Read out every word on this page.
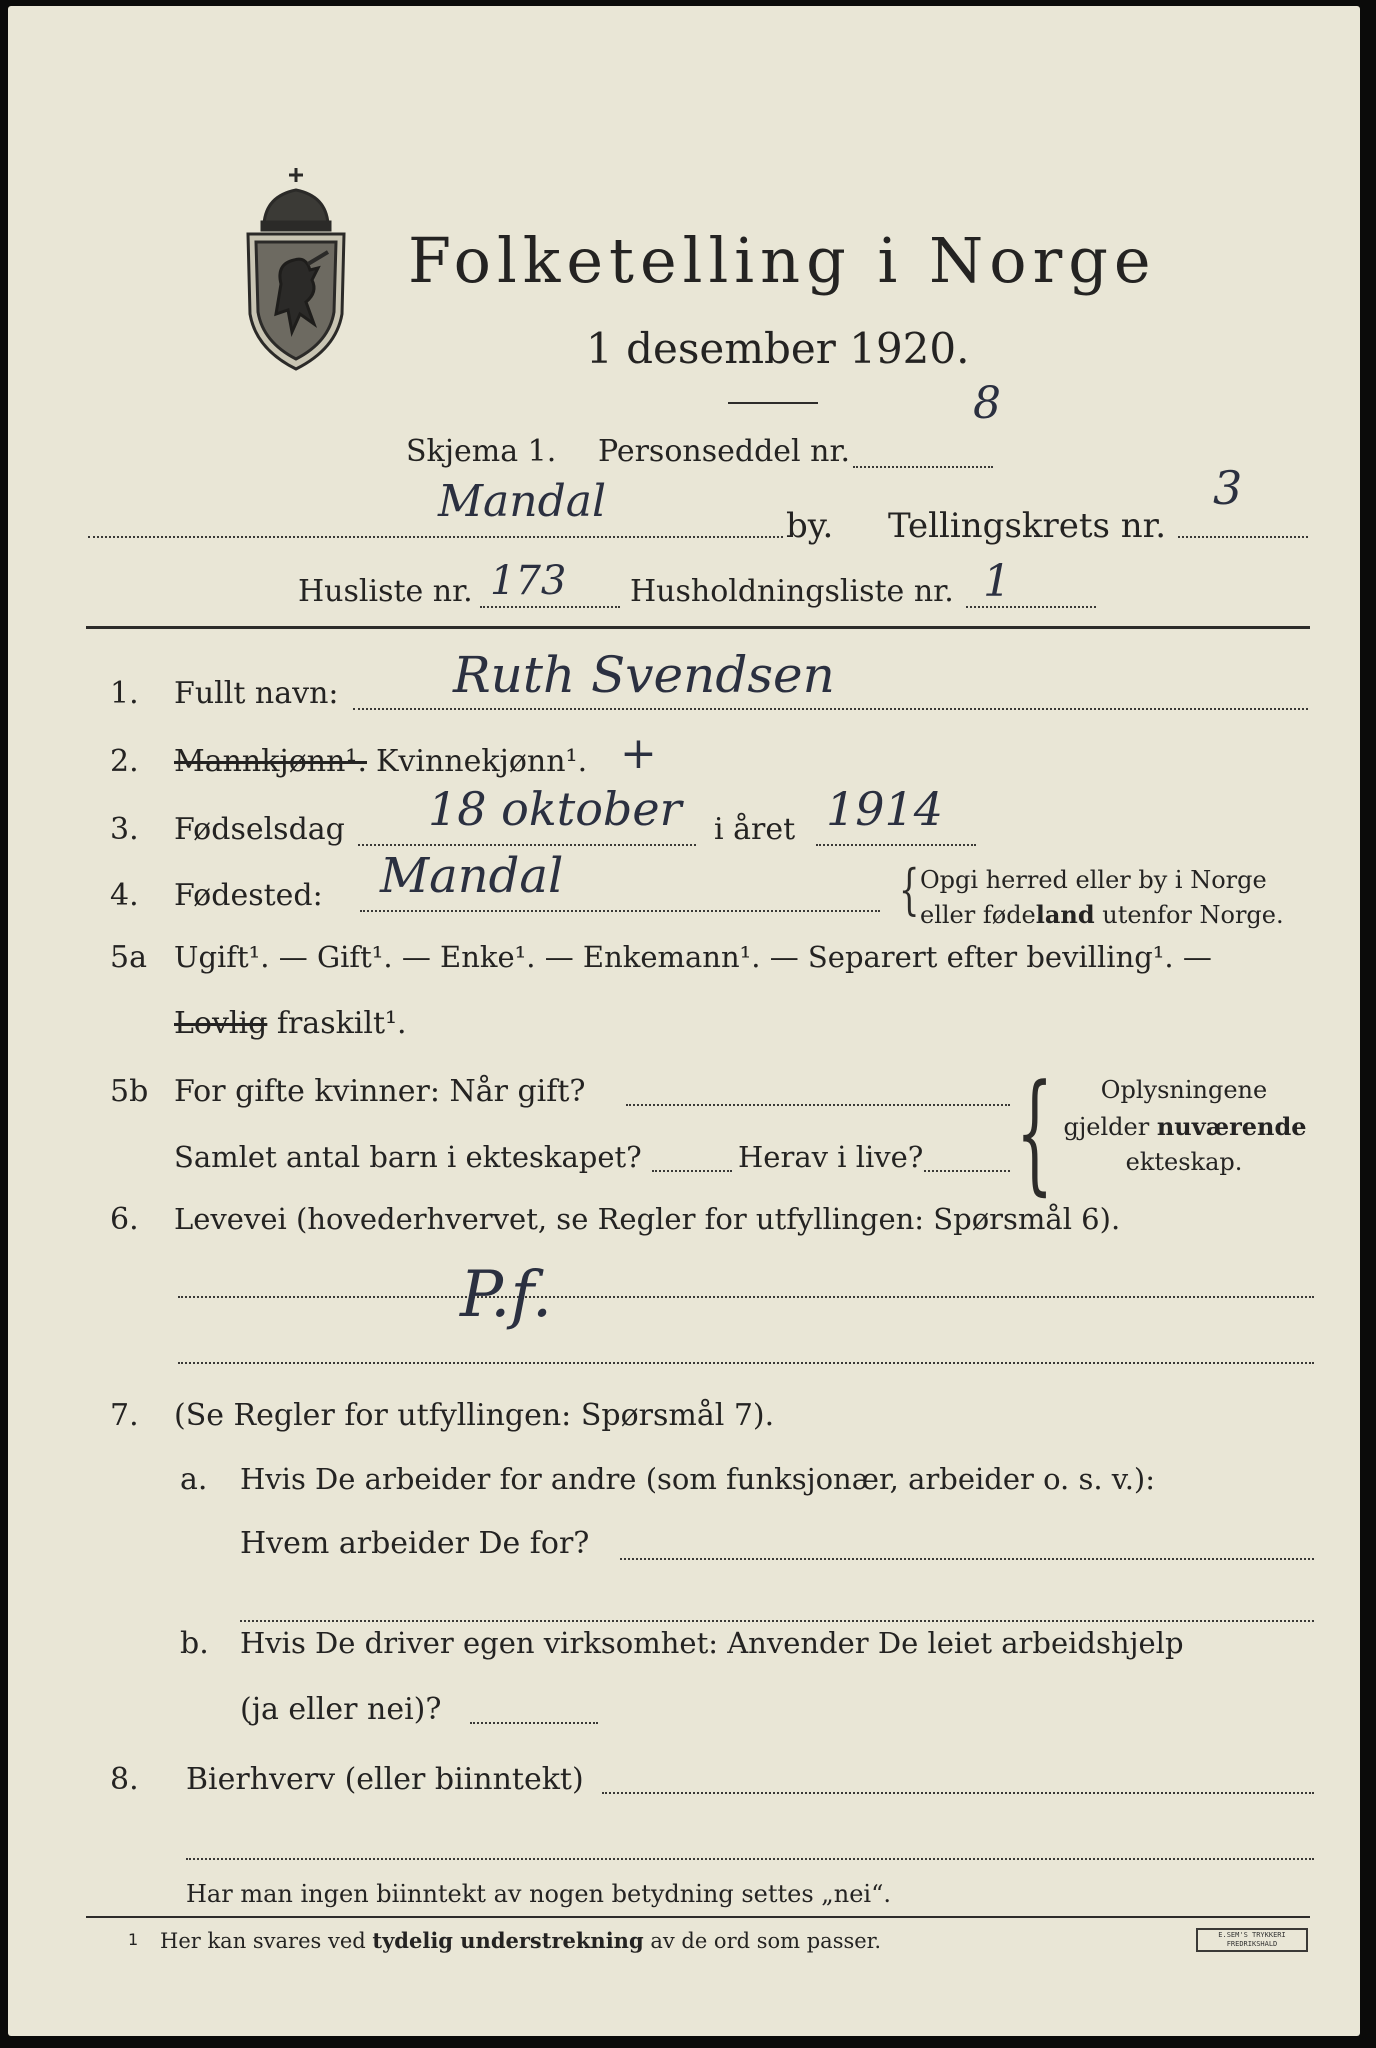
Folketelling i Norge
1 desember 1920.
Skjema 1. Personseddel nr.
8
Mandal	by. Tellingskrets nr.
3
Husliste nr. 173 Husholdningsliste nr. 1
1. Fullt navn: Ruth Svendsen
2. Mannkjønn¹. Kvinnekjønn¹. +
3. Fødselsdag 18 oktober i året 1914
4. Fødested: Mandal	{ Opgi herred eller by i Norge
eller fødeland utenfor Norge.
5a Ugift¹. — Gift¹. — Enke¹. — Enkemann¹. — Separert efter bevilling¹. —
Lovlig fraskilt¹.
5b For gifte kvinner: Når gift?
Samlet antal barn i ekteskapet?	Herav i live? {	Oplysningene
gjelder nuværende
ekteskap.
6. Levevei (hovederhvervet, se Regler for utfyllingen: Spørsmål 6).
P.f.
7. (Se Regler for utfyllingen: Spørsmål 7).
a. Hvis De arbeider for andre (som funksjonær, arbeider o. s. v.):
Hvem arbeider De for?
b. Hvis De driver egen virksomhet: Anvender De leiet arbeidshjelp
(ja eller nei)?
8. Bierhverv (eller biinntekt)
Har man ingen biinntekt av nogen betydning settes „nei“.
1 Her kan svares ved tydelig understrekning av de ord som passer.	E.SEM'S TRYKKERI
FREDRIKSHALD
